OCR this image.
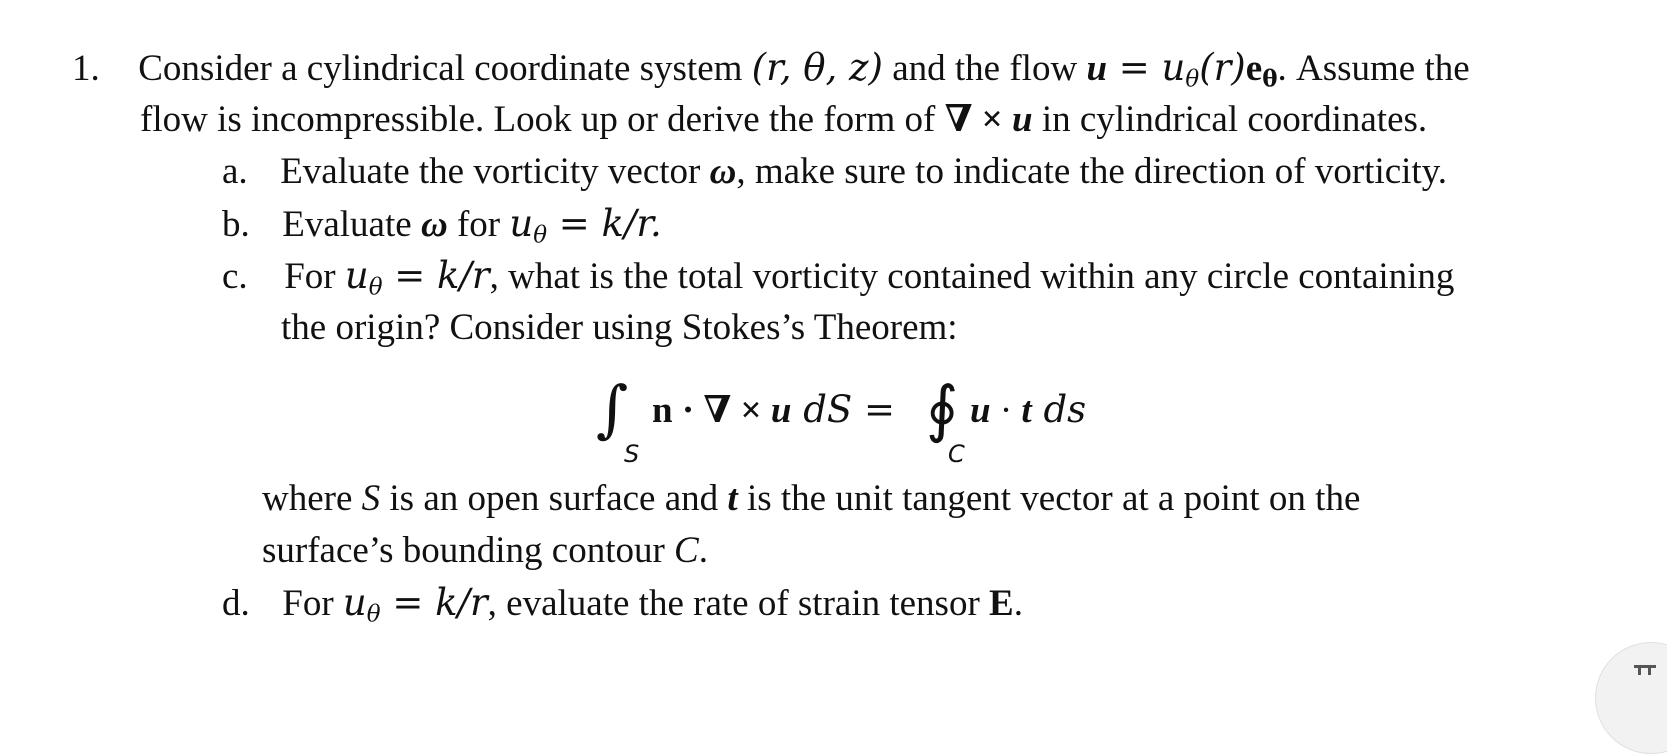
1. Consider a cylindrical coordinate system (r, θ, z) and the flow $u = u_\theta(r)e\theta$. Assume the
flow is incompressible. Look up or derive the form of ∇ × u in cylindrical coordinates.
a. Evaluate the vorticity vector ω, make sure to indicate the direction of vorticity.
b. Evaluate ω for $u_\theta = k/r$.
c. For $u_\theta = k/r$, what is the total vorticity contained within any circle containing
the origin? Consider using Stokes’s Theorem:
∫
S
n · ∇ × u dS = ∮
C
u · t ds
where S is an open surface and t is the unit tangent vector at a point on the
surface’s bounding contour C.
d. For $u_\theta = k/r$, evaluate the rate of strain tensor E.
